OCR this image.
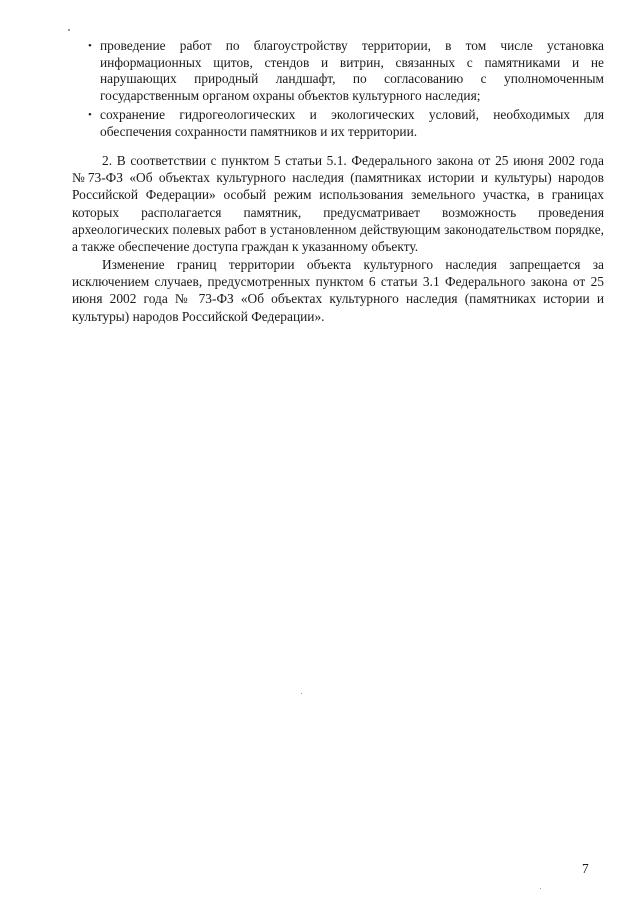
• проведение работ по благоустройству территории, в том числе установка информационных щитов, стендов и витрин, связанных с памятниками и не нарушающих природный ландшафт, по согласованию с уполномоченным государственным органом охраны объектов культурного наследия;
• сохранение гидрогеологических и экологических условий, необходимых для обеспечения сохранности памятников и их территории.

2. В соответствии с пунктом 5 статьи 5.1. Федерального закона от 25 июня 2002 года №73-ФЗ «Об объектах культурного наследия (памятниках истории и культуры) народов Российской Федерации» особый режим использования земельного участка, в границах которых располагается памятник, предусматривает возможность проведения археологических полевых работ в установленном действующим законодательством порядке, а также обеспечение доступа граждан к указанному объекту.

Изменение границ территории объекта культурного наследия запрещается за исключением случаев, предусмотренных пунктом 6 статьи 3.1 Федерального закона от 25 июня 2002 года № 73-ФЗ «Об объектах культурного наследия (памятниках истории и культуры) народов Российской Федерации».

7
